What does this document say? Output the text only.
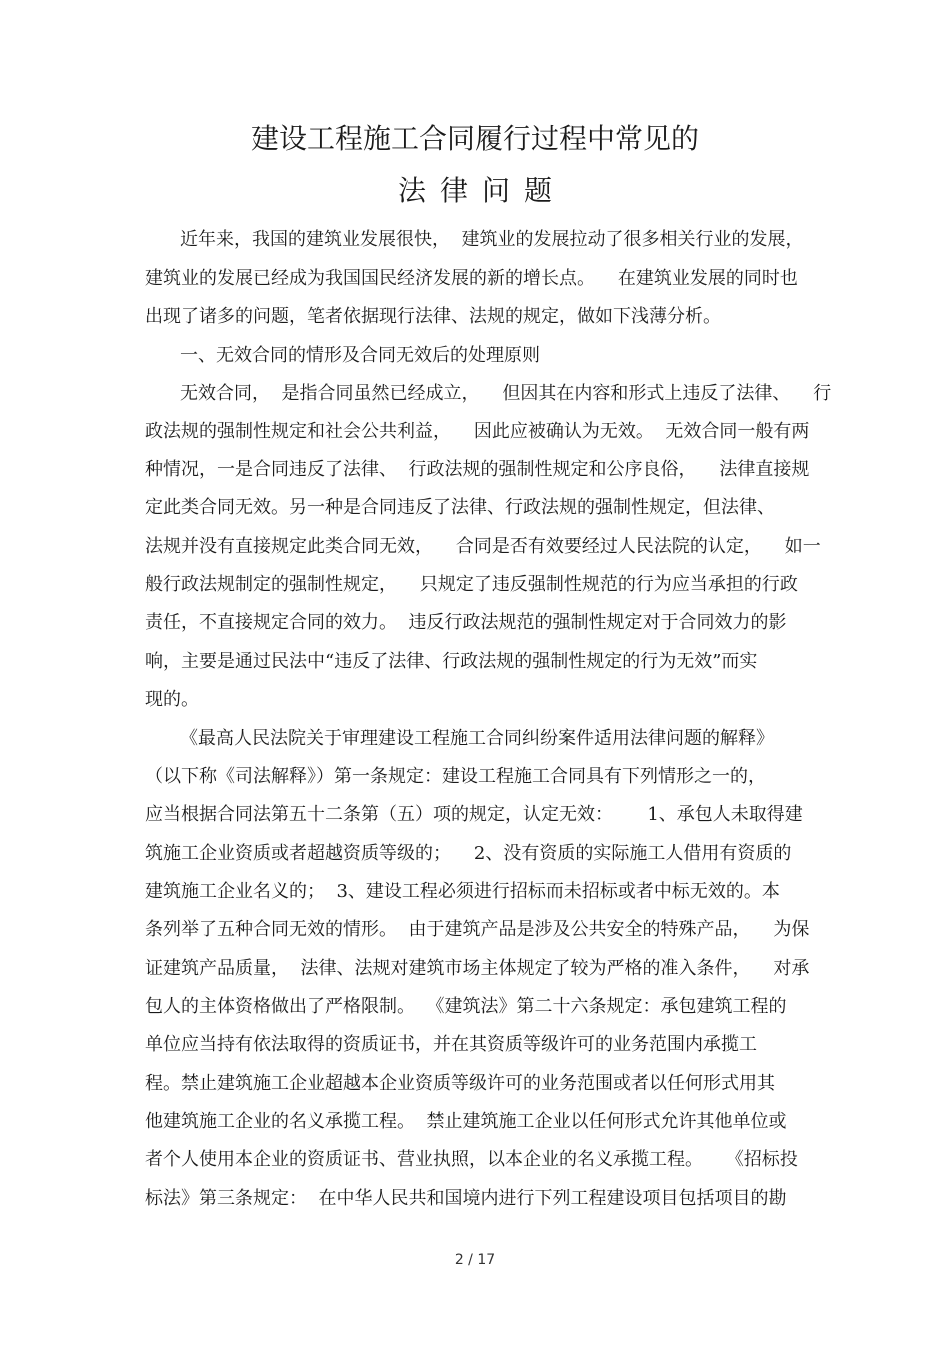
建设工程施工合同履行过程中常见的
法律问题

近年来，我国的建筑业发展很快，  建筑业的发展拉动了很多相关行业的发展，

建筑业的发展已经成为我国国民经济发展的新的增长点。    在建筑业发展的同时也

出现了诸多的问题，笔者依据现行法律、法规的规定，做如下浅薄分析。

一、无效合同的情形及合同无效后的处理原则

无效合同，  是指合同虽然已经成立，    但因其在内容和形式上违反了法律、    行

政法规的强制性规定和社会公共利益，    因此应被确认为无效。  无效合同一般有两

种情况，一是合同违反了法律、  行政法规的强制性规定和公序良俗，    法律直接规

定此类合同无效。另一种是合同违反了法律、行政法规的强制性规定，但法律、

法规并没有直接规定此类合同无效，    合同是否有效要经过人民法院的认定，    如一

般行政法规制定的强制性规定，    只规定了违反强制性规范的行为应当承担的行政

责任，不直接规定合同的效力。  违反行政法规范的强制性规定对于合同效力的影

响，主要是通过民法中“违反了法律、行政法规的强制性规定的行为无效”而实

现的。

《最高人民法院关于审理建设工程施工合同纠纷案件适用法律问题的解释》

（以下称《司法解释》）第一条规定：建设工程施工合同具有下列情形之一的，

应当根据合同法第五十二条第（五）项的规定，认定无效：      1、承包人未取得建

筑施工企业资质或者超越资质等级的；    2、没有资质的实际施工人借用有资质的

建筑施工企业名义的；  3、建设工程必须进行招标而未招标或者中标无效的。本

条列举了五种合同无效的情形。  由于建筑产品是涉及公共安全的特殊产品，    为保

证建筑产品质量，  法律、法规对建筑市场主体规定了较为严格的准入条件，    对承

包人的主体资格做出了严格限制。  《建筑法》第二十六条规定：承包建筑工程的

单位应当持有依法取得的资质证书，并在其资质等级许可的业务范围内承揽工

程。禁止建筑施工企业超越本企业资质等级许可的业务范围或者以任何形式用其

他建筑施工企业的名义承揽工程。  禁止建筑施工企业以任何形式允许其他单位或

者个人使用本企业的资质证书、营业执照，以本企业的名义承揽工程。    《招标投

标法》第三条规定：  在中华人民共和国境内进行下列工程建设项目包括项目的勘

2 / 17
